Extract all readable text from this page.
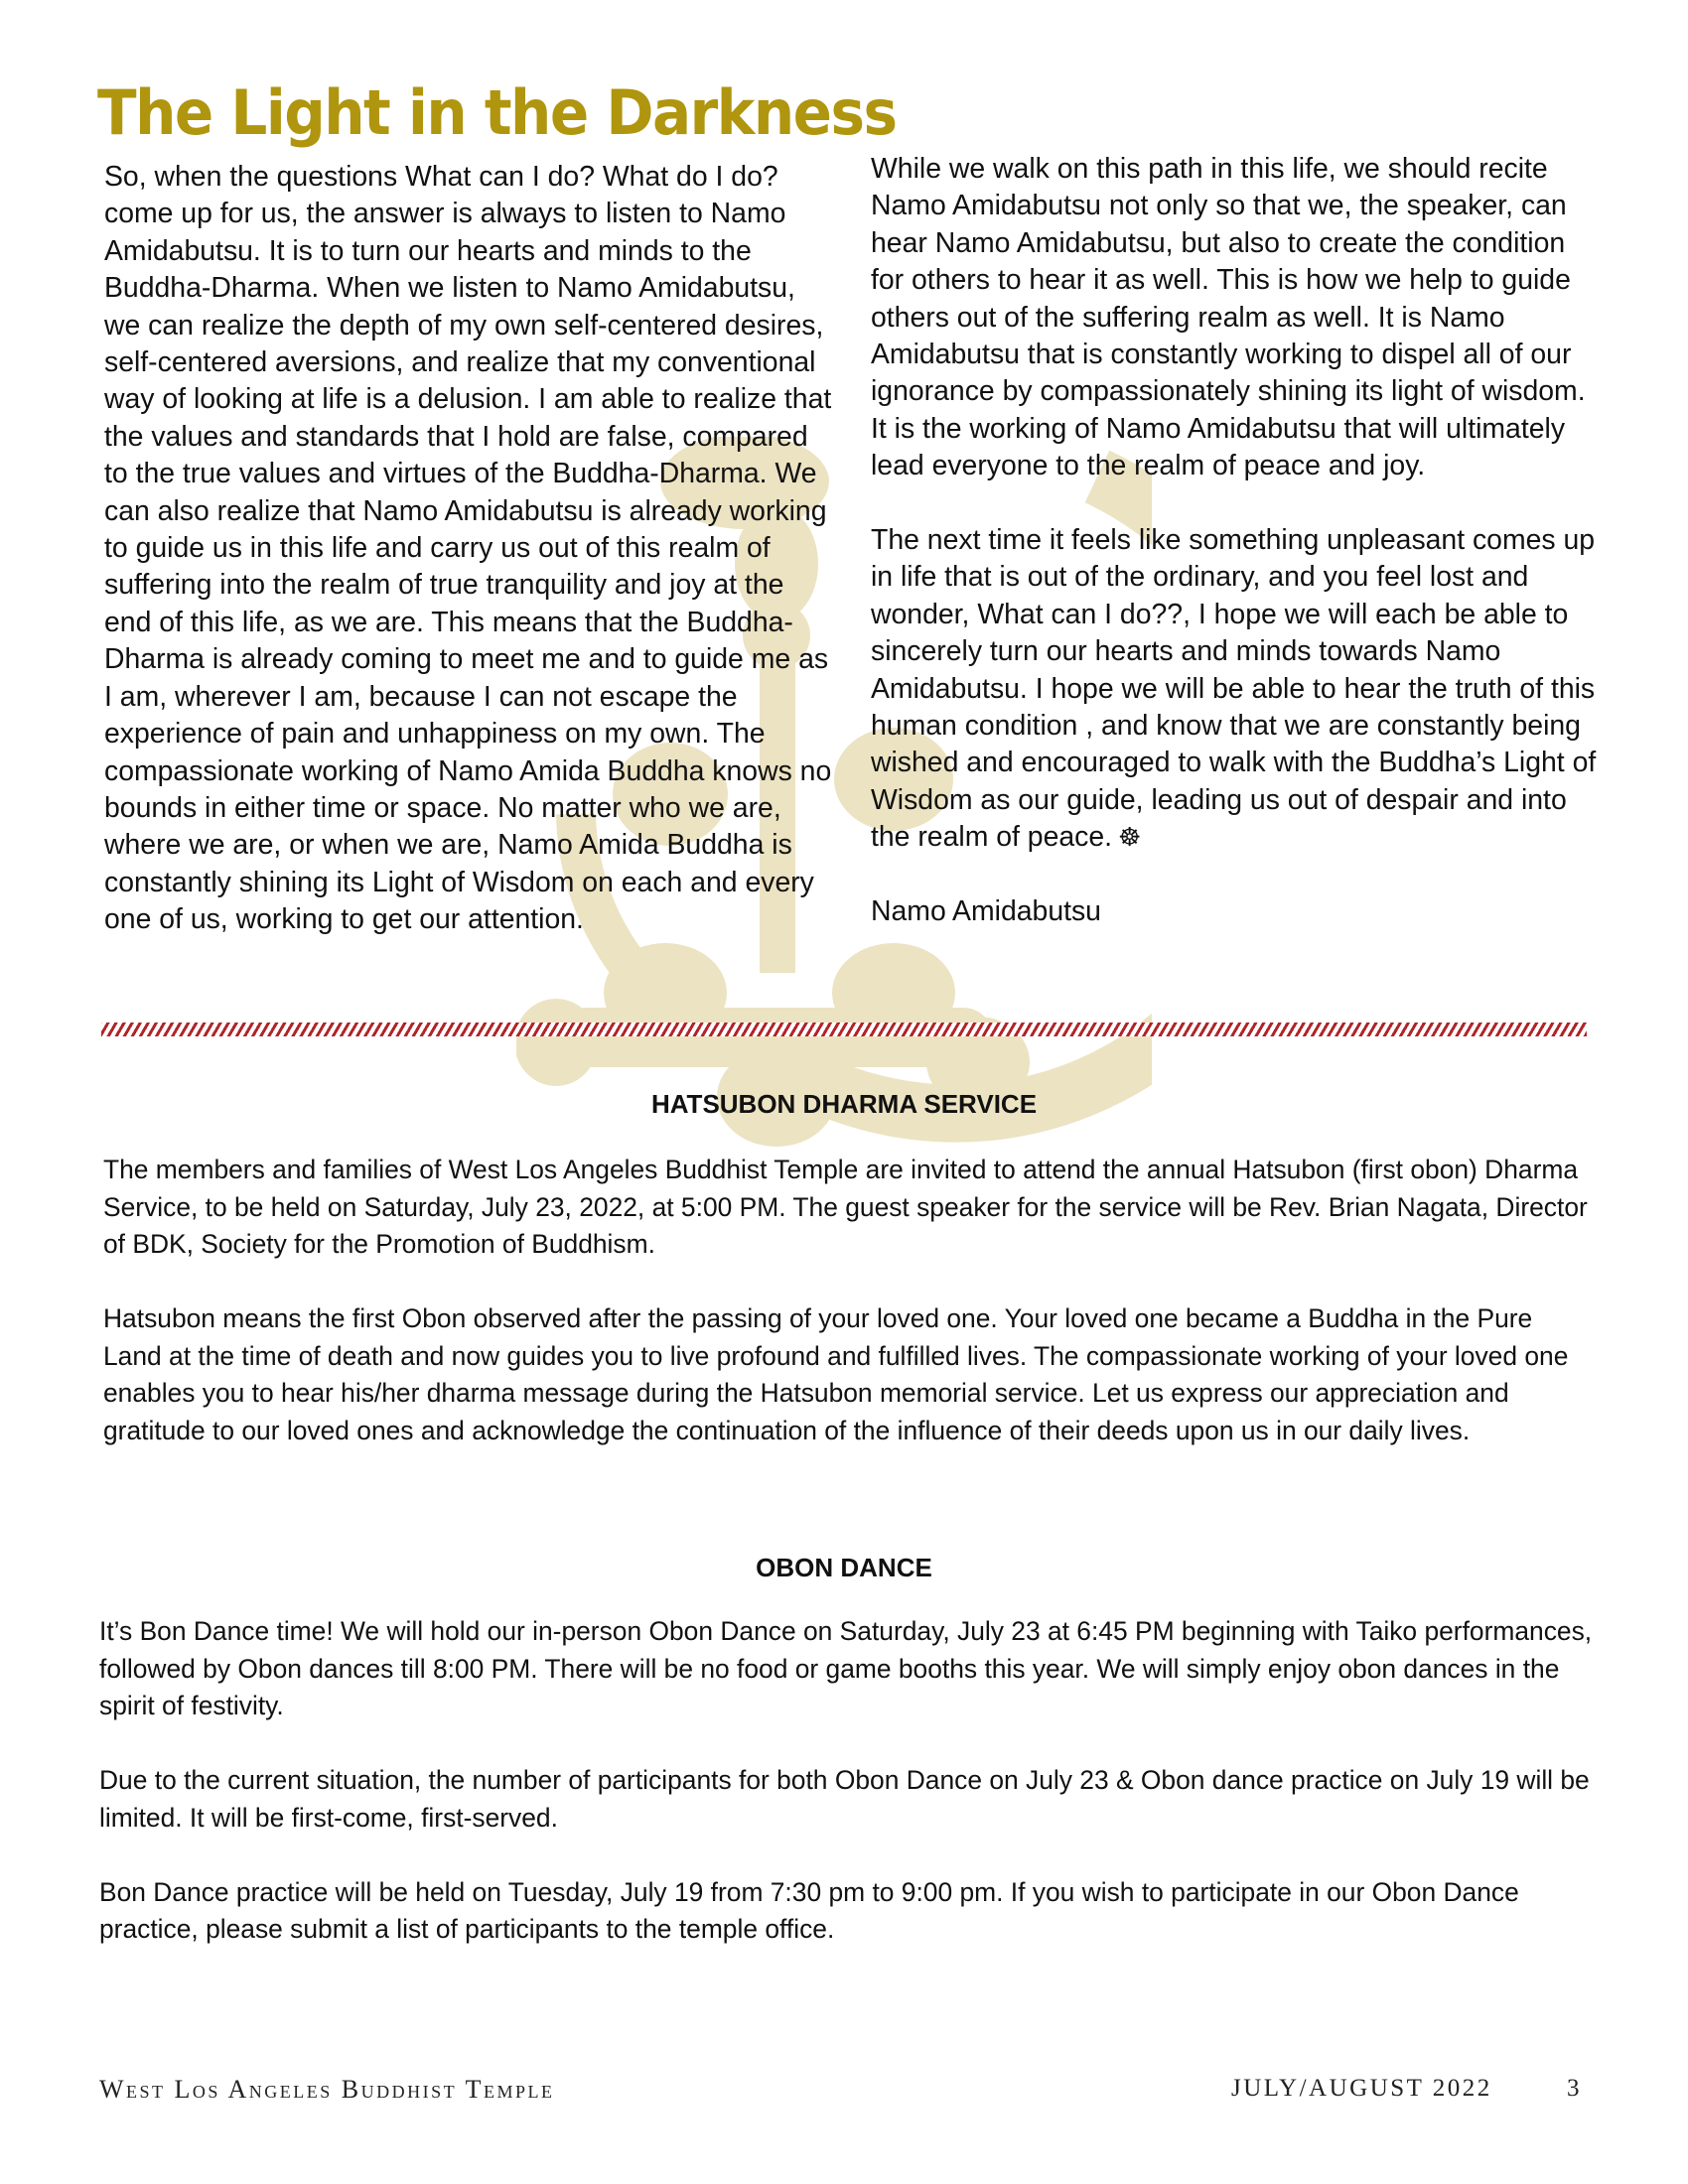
The Light in the Darkness

So, when the questions What can I do? What do I do? come up for us, the answer is always to listen to Namo Amidabutsu. It is to turn our hearts and minds to the Buddha-Dharma. When we listen to Namo Amidabutsu, we can realize the depth of my own self-centered desires, self-centered aversions, and realize that my conventional way of looking at life is a delusion. I am able to realize that the values and standards that I hold are false, compared to the true values and virtues of the Buddha-Dharma. We can also realize that Namo Amidabutsu is already working to guide us in this life and carry us out of this realm of suffering into the realm of true tranquility and joy at the end of this life, as we are. This means that the Buddha-Dharma is already coming to meet me and to guide me as I am, wherever I am, because I can not escape the experience of pain and unhappiness on my own. The compassionate working of Namo Amida Buddha knows no bounds in either time or space. No matter who we are, where we are, or when we are, Namo Amida Buddha is constantly shining its Light of Wisdom on each and every one of us, working to get our attention.

While we walk on this path in this life, we should recite Namo Amidabutsu not only so that we, the speaker, can hear Namo Amidabutsu, but also to create the condition for others to hear it as well. This is how we help to guide others out of the suffering realm as well. It is Namo Amidabutsu that is constantly working to dispel all of our ignorance by compassionately shining its light of wisdom. It is the working of Namo Amidabutsu that will ultimately lead everyone to the realm of peace and joy.

The next time it feels like something unpleasant comes up in life that is out of the ordinary, and you feel lost and wonder, What can I do??, I hope we will each be able to sincerely turn our hearts and minds towards Namo Amidabutsu. I hope we will be able to hear the truth of this human condition , and know that we are constantly being wished and encouraged to walk with the Buddha’s Light of Wisdom as our guide, leading us out of despair and into the realm of peace. ☸

Namo Amidabutsu

HATSUBON DHARMA SERVICE

The members and families of West Los Angeles Buddhist Temple are invited to attend the annual Hatsubon (first obon) Dharma Service, to be held on Saturday, July 23, 2022, at 5:00 PM. The guest speaker for the service will be Rev. Brian Nagata, Director of BDK, Society for the Promotion of Buddhism.

Hatsubon means the first Obon observed after the passing of your loved one. Your loved one became a Buddha in the Pure Land at the time of death and now guides you to live profound and fulfilled lives. The compassionate working of your loved one enables you to hear his/her dharma message during the Hatsubon memorial service. Let us express our appreciation and gratitude to our loved ones and acknowledge the continuation of the influence of their deeds upon us in our daily lives.

OBON DANCE

It’s Bon Dance time! We will hold our in-person Obon Dance on Saturday, July 23 at 6:45 PM beginning with Taiko performances, followed by Obon dances till 8:00 PM. There will be no food or game booths this year. We will simply enjoy obon dances in the spirit of festivity.

Due to the current situation, the number of participants for both Obon Dance on July 23 & Obon dance practice on July 19 will be limited. It will be first-come, first-served.

Bon Dance practice will be held on Tuesday, July 19 from 7:30 pm to 9:00 pm. If you wish to participate in our Obon Dance practice, please submit a list of participants to the temple office.

West Los Angeles Buddhist Temple	JULY/AUGUST 2022	3
